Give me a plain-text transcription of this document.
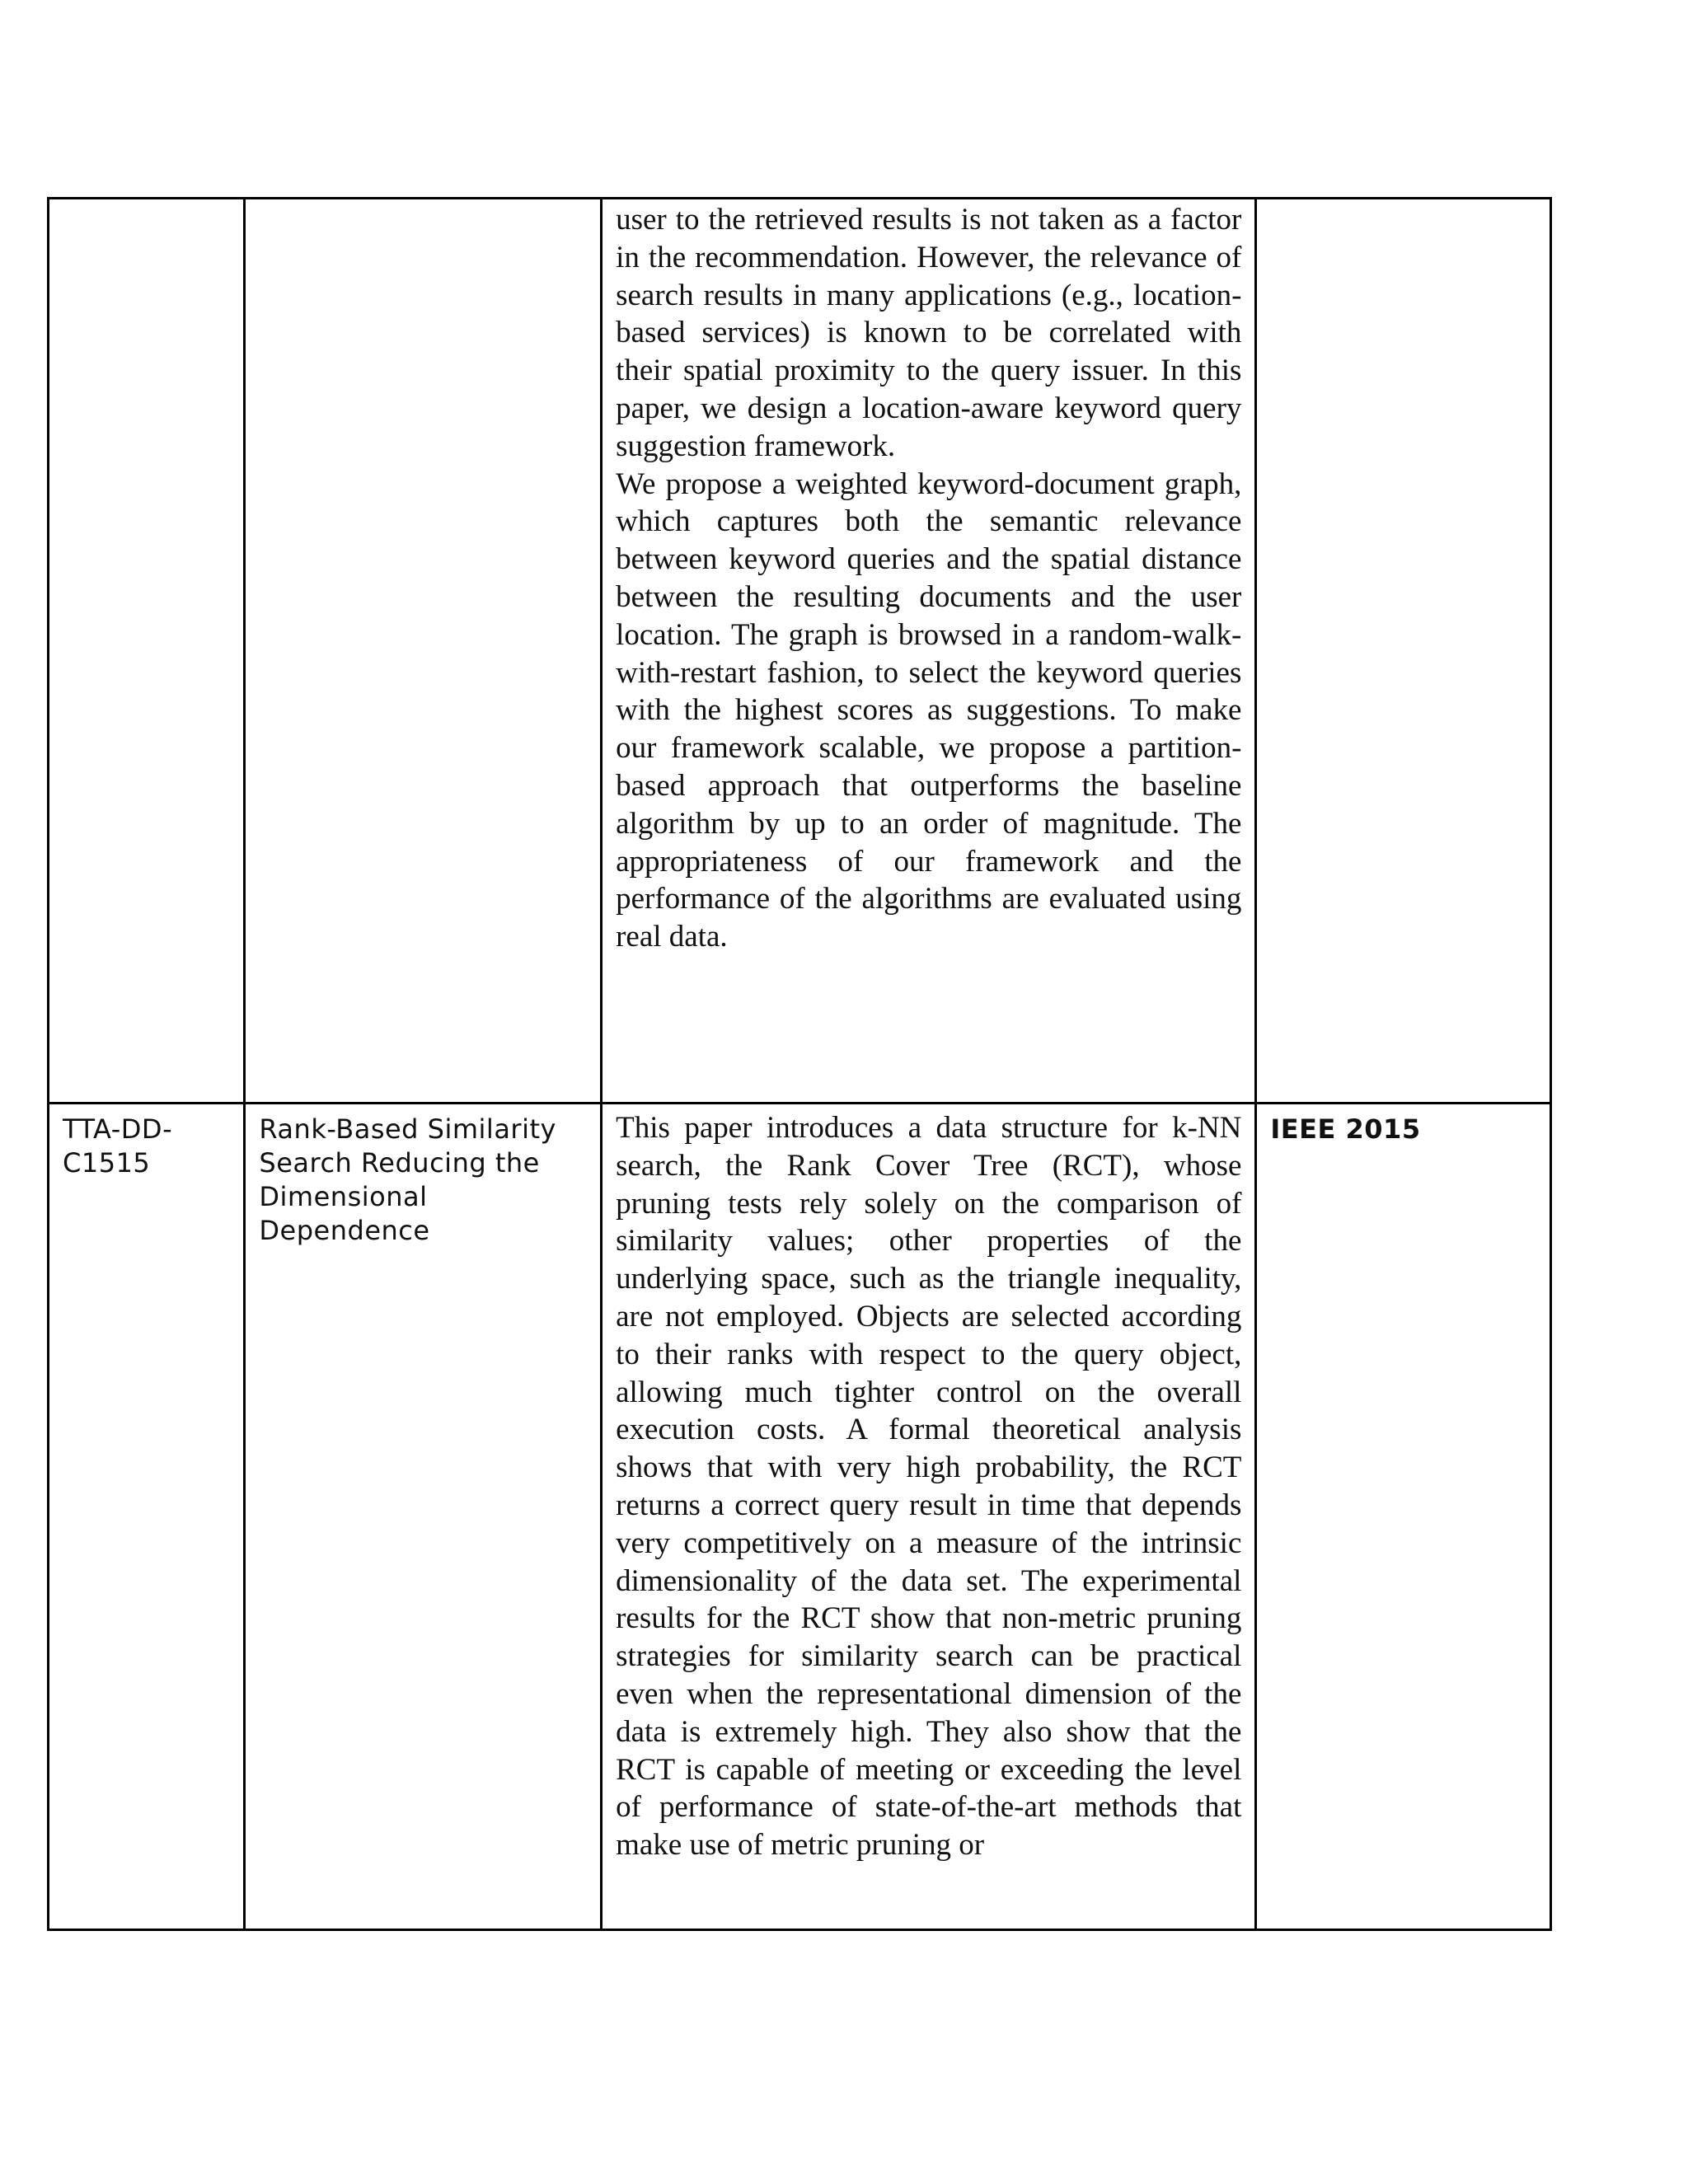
		user to the retrieved results is not taken as a factor in the recommendation. However, the relevance of search results in many applications (e.g., location-based services) is known to be correlated with their spatial proximity to the query issuer. In this paper, we design a location-aware keyword query suggestion framework.

We propose a weighted keyword-document graph, which captures both the semantic relevance between keyword queries and the spatial distance between the resulting documents and the user location. The graph is browsed in a random-walk-with-restart fashion, to select the keyword queries with the highest scores as suggestions. To make our framework scalable, we propose a partition-based approach that outperforms the baseline algorithm by up to an order of magnitude. The appropriateness of our framework and the performance of the algorithms are evaluated using real data.	

TTA-DD-C1515	Rank-Based Similarity Search Reducing the Dimensional Dependence	This paper introduces a data structure for k-NN search, the Rank Cover Tree (RCT), whose pruning tests rely solely on the comparison of similarity values; other properties of the underlying space, such as the triangle inequality, are not employed. Objects are selected according to their ranks with respect to the query object, allowing much tighter control on the overall execution costs. A formal theoretical analysis shows that with very high probability, the RCT returns a correct query result in time that depends very competitively on a measure of the intrinsic dimensionality of the data set. The experimental results for the RCT show that non-metric pruning strategies for similarity search can be practical even when the representational dimension of the data is extremely high. They also show that the RCT is capable of meeting or exceeding the level of performance of state-of-the-art methods that make use of metric pruning or	IEEE 2015
